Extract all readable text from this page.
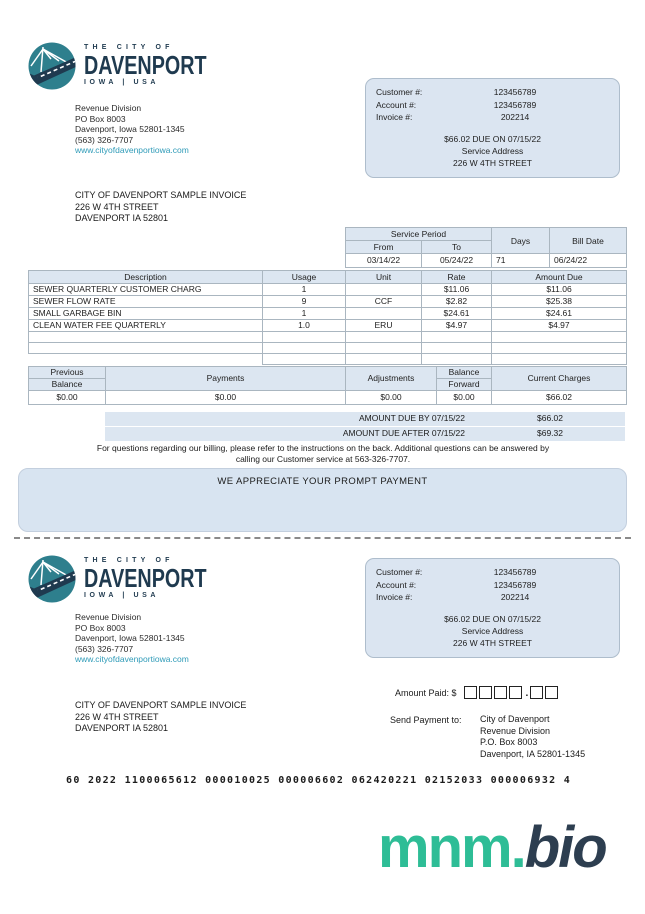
THE CITY OF
DAVENPORT
IOWA | USA
Revenue Division
PO Box 8003
Davenport, Iowa 52801-1345
(563) 326-7707
www.cityofdavenportiowa.com
Customer #:	123456789
Account #:	123456789
Invoice #:	202214
$66.02 DUE ON 07/15/22
Service Address
226 W 4TH STREET
CITY OF DAVENPORT SAMPLE INVOICE
226 W 4TH STREET
DAVENPORT IA 52801
Service Period		Days	Bill Date
From	To		
03/14/22	05/24/22	71	06/24/22
Description	Usage	Unit	Rate	Amount Due
SEWER QUARTERLY CUSTOMER CHARG	1		$11.06	$11.06
SEWER FLOW RATE	9	CCF	$2.82	$25.38
SMALL GARBAGE BIN	1		$24.61	$24.61
CLEAN WATER FEE QUARTERLY	1.0	ERU	$4.97	$4.97

Previous	Payments	Adjustments	Balance	Current Charges
Balance			Forward	
$0.00	$0.00	$0.00	$0.00	$66.02
AMOUNT DUE BY 07/15/22	$66.02
AMOUNT DUE AFTER 07/15/22	$69.32
For questions regarding our billing, please refer to the instructions on the back. Additional questions can be answered by
calling our Customer service at 563-326-7707.
WE APPRECIATE YOUR PROMPT PAYMENT
THE CITY OF
DAVENPORT
IOWA | USA
Revenue Division
PO Box 8003
Davenport, Iowa 52801-1345
(563) 326-7707
www.cityofdavenportiowa.com
Customer #:	123456789
Account #:	123456789
Invoice #:	202214
$66.02 DUE ON 07/15/22
Service Address
226 W 4TH STREET
CITY OF DAVENPORT SAMPLE INVOICE
226 W 4TH STREET
DAVENPORT IA 52801
Amount Paid: $	.
Send Payment to: City of Davenport
Revenue Division
P.O. Box 8003
Davenport, IA 52801-1345
60 2022 1100065612 000010025 000006602 062420221 02152033 000006932 4
mnm.bio
